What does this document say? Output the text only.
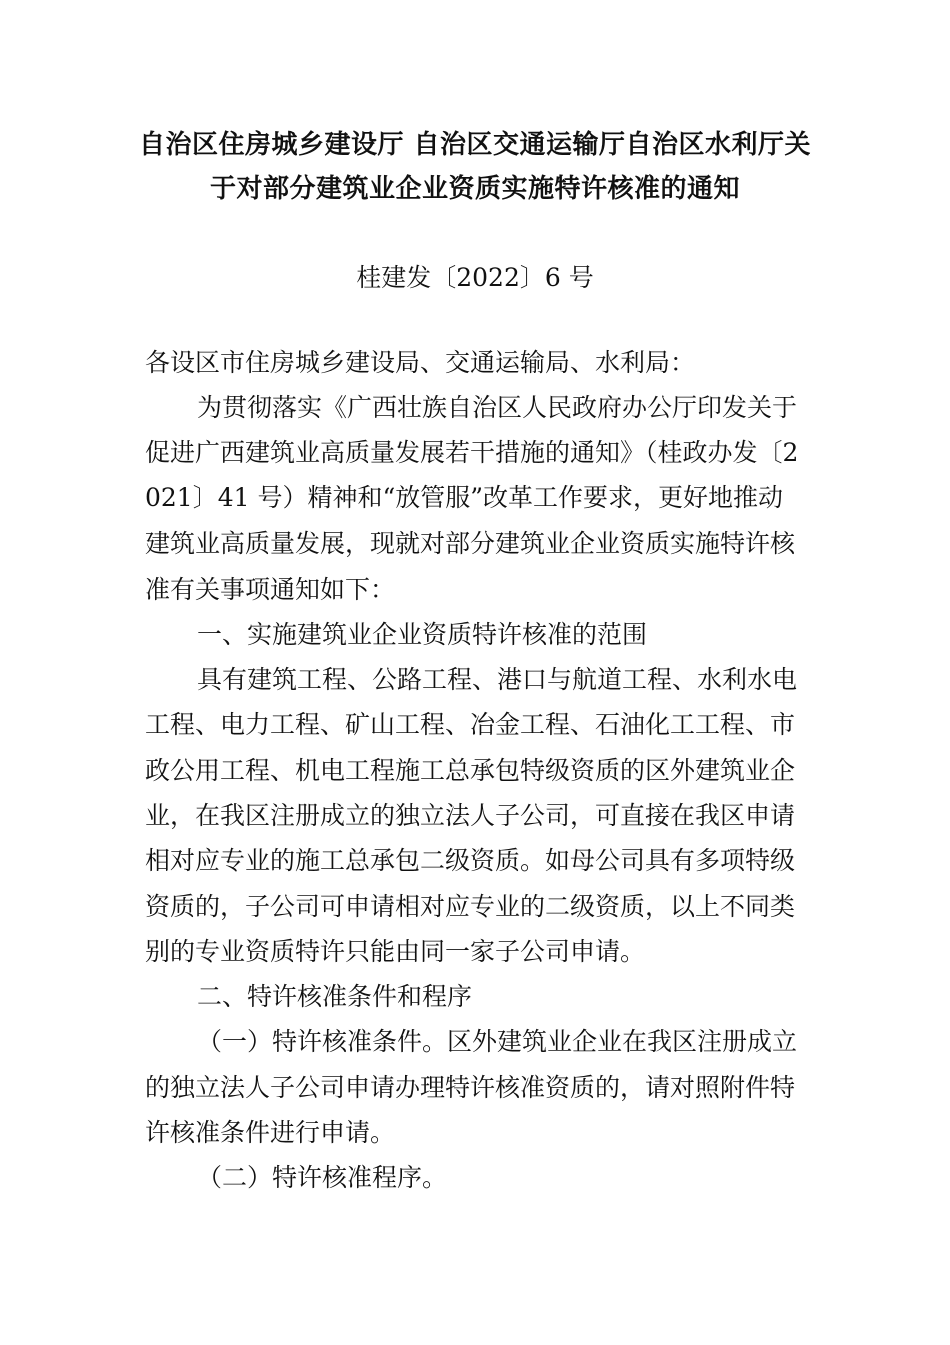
自治区住房城乡建设厅 自治区交通运输厅自治区水利厅关
于对部分建筑业企业资质实施特许核准的通知
桂建发〔2022〕6 号
各设区市住房城乡建设局、交通运输局、水利局：
为贯彻落实《广西壮族自治区人民政府办公厅印发关于
促进广西建筑业高质量发展若干措施的通知》（桂政办发〔2
021〕41 号）精神和“放管服”改革工作要求，更好地推动
建筑业高质量发展，现就对部分建筑业企业资质实施特许核
准有关事项通知如下：
一、实施建筑业企业资质特许核准的范围
具有建筑工程、公路工程、港口与航道工程、水利水电
工程、电力工程、矿山工程、冶金工程、石油化工工程、市
政公用工程、机电工程施工总承包特级资质的区外建筑业企
业，在我区注册成立的独立法人子公司，可直接在我区申请
相对应专业的施工总承包二级资质。如母公司具有多项特级
资质的，子公司可申请相对应专业的二级资质，以上不同类
别的专业资质特许只能由同一家子公司申请。
二、特许核准条件和程序
（一）特许核准条件。区外建筑业企业在我区注册成立
的独立法人子公司申请办理特许核准资质的，请对照附件特
许核准条件进行申请。
（二）特许核准程序。
